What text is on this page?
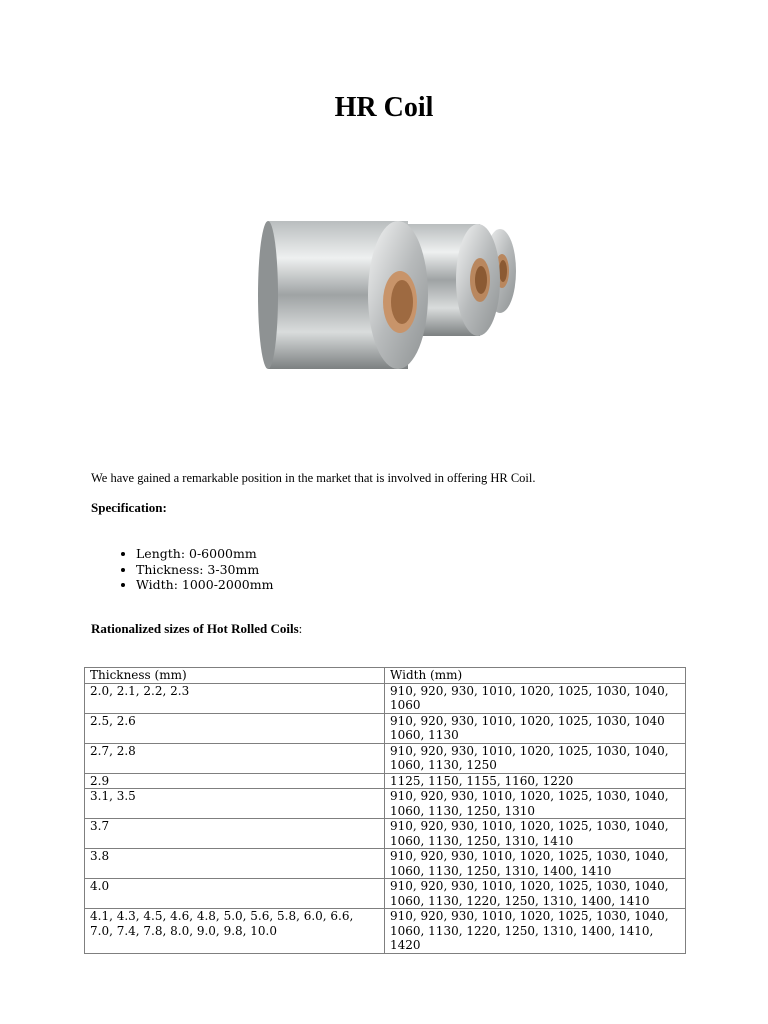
HR Coil
We have gained a remarkable position in the market that is involved in offering HR Coil.
Specification:
• Length: 0-6000mm
• Thickness: 3-30mm
• Width: 1000-2000mm
Rationalized sizes of Hot Rolled Coils:
Thickness (mm)	Width (mm)
2.0, 2.1, 2.2, 2.3	910, 920, 930, 1010, 1020, 1025, 1030, 1040, 1060
2.5, 2.6	910, 920, 930, 1010, 1020, 1025, 1030, 1040 1060, 1130
2.7, 2.8	910, 920, 930, 1010, 1020, 1025, 1030, 1040, 1060, 1130, 1250
2.9	1125, 1150, 1155, 1160, 1220
3.1, 3.5	910, 920, 930, 1010, 1020, 1025, 1030, 1040, 1060, 1130, 1250, 1310
3.7	910, 920, 930, 1010, 1020, 1025, 1030, 1040, 1060, 1130, 1250, 1310, 1410
3.8	910, 920, 930, 1010, 1020, 1025, 1030, 1040, 1060, 1130, 1250, 1310, 1400, 1410
4.0	910, 920, 930, 1010, 1020, 1025, 1030, 1040, 1060, 1130, 1220, 1250, 1310, 1400, 1410
4.1, 4.3, 4.5, 4.6, 4.8, 5.0, 5.6, 5.8, 6.0, 6.6, 7.0, 7.4, 7.8, 8.0, 9.0, 9.8, 10.0	910, 920, 930, 1010, 1020, 1025, 1030, 1040, 1060, 1130, 1220, 1250, 1310, 1400, 1410, 1420
